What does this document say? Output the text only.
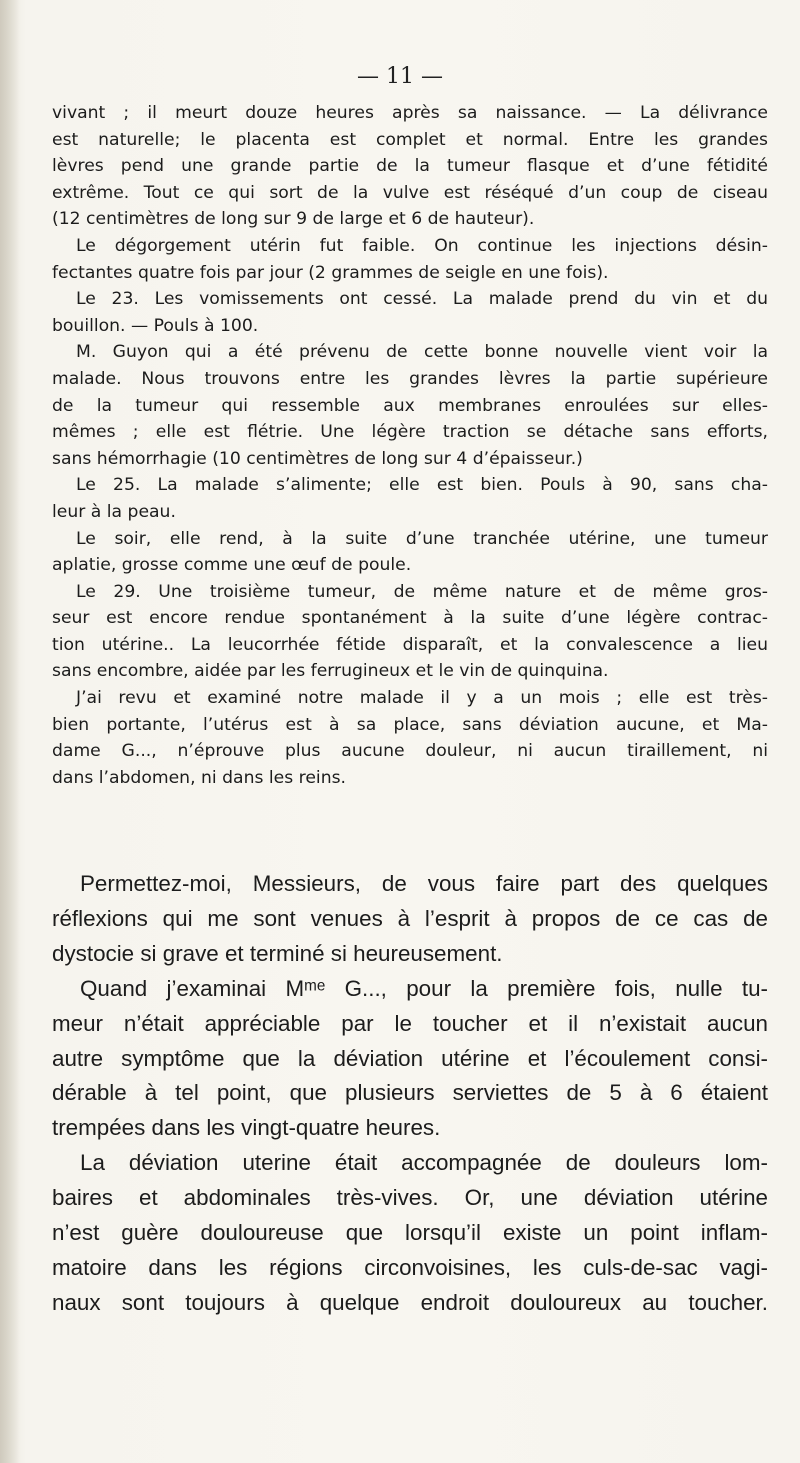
— 11 —
vivant ; il meurt douze heures après sa naissance. — La délivrance
est naturelle; le placenta est complet et normal. Entre les grandes
lèvres pend une grande partie de la tumeur flasque et d’une fétidité
extrême. Tout ce qui sort de la vulve est réséqué d’un coup de ciseau
(12 centimètres de long sur 9 de large et 6 de hauteur).
Le dégorgement utérin fut faible. On continue les injections désin-
fectantes quatre fois par jour (2 grammes de seigle en une fois).
Le 23. Les vomissements ont cessé. La malade prend du vin et du
bouillon. — Pouls à 100.
M. Guyon qui a été prévenu de cette bonne nouvelle vient voir la
malade. Nous trouvons entre les grandes lèvres la partie supérieure
de la tumeur qui ressemble aux membranes enroulées sur elles-
mêmes ; elle est flétrie. Une légère traction se détache sans efforts,
sans hémorrhagie (10 centimètres de long sur 4 d’épaisseur.)
Le 25. La malade s’alimente; elle est bien. Pouls à 90, sans cha-
leur à la peau.
Le soir, elle rend, à la suite d’une tranchée utérine, une tumeur
aplatie, grosse comme une œuf de poule.
Le 29. Une troisième tumeur, de même nature et de même gros-
seur est encore rendue spontanément à la suite d’une légère contrac-
tion utérine.. La leucorrhée fétide disparaît, et la convalescence a lieu
sans encombre, aidée par les ferrugineux et le vin de quinquina.
J’ai revu et examiné notre malade il y a un mois ; elle est très-
bien portante, l’utérus est à sa place, sans déviation aucune, et Ma-
dame G..., n’éprouve plus aucune douleur, ni aucun tiraillement, ni
dans l’abdomen, ni dans les reins.
Permettez-moi, Messieurs, de vous faire part des quelques
réflexions qui me sont venues à l’esprit à propos de ce cas de
dystocie si grave et terminé si heureusement.
Quand j’examinai Mᵐᵉ G..., pour la première fois, nulle tu-
meur n’était appréciable par le toucher et il n’existait aucun
autre symptôme que la déviation utérine et l’écoulement consi-
dérable à tel point, que plusieurs serviettes de 5 à 6 étaient
trempées dans les vingt-quatre heures.
La déviation uterine était accompagnée de douleurs lom-
baires et abdominales très-vives. Or, une déviation utérine
n’est guère douloureuse que lorsqu’il existe un point inflam-
matoire dans les régions circonvoisines, les culs-de-sac vagi-
naux sont toujours à quelque endroit douloureux au toucher.
